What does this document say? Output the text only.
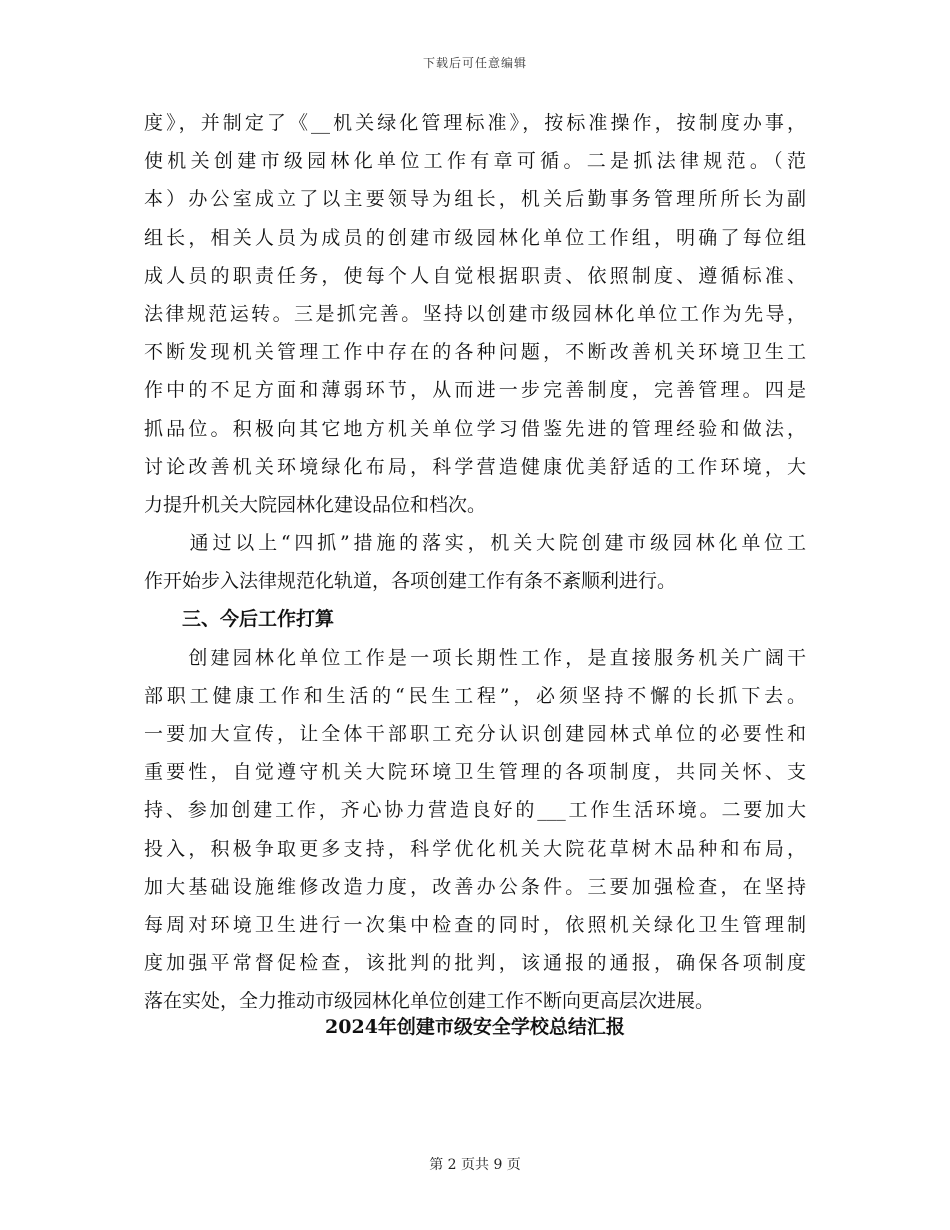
下载后可任意编辑
度》，并制定了《__机关绿化管理标准》，按标准操作，按制度办事，
使机关创建市级园林化单位工作有章可循。二是抓法律规范。（范
本）办公室成立了以主要领导为组长，机关后勤事务管理所所长为副
组长，相关人员为成员的创建市级园林化单位工作组，明确了每位组
成人员的职责任务，使每个人自觉根据职责、依照制度、遵循标准、
法律规范运转。三是抓完善。坚持以创建市级园林化单位工作为先导，
不断发现机关管理工作中存在的各种问题，不断改善机关环境卫生工
作中的不足方面和薄弱环节，从而进一步完善制度，完善管理。四是
抓品位。积极向其它地方机关单位学习借鉴先进的管理经验和做法，
讨论改善机关环境绿化布局，科学营造健康优美舒适的工作环境，大
力提升机关大院园林化建设品位和档次。
　　通过以上“四抓”措施的落实，机关大院创建市级园林化单位工
作开始步入法律规范化轨道，各项创建工作有条不紊顺利进行。
　　三、今后工作打算
　　创建园林化单位工作是一项长期性工作，是直接服务机关广阔干
部职工健康工作和生活的“民生工程”，必须坚持不懈的长抓下去。
一要加大宣传，让全体干部职工充分认识创建园林式单位的必要性和
重要性，自觉遵守机关大院环境卫生管理的各项制度，共同关怀、支
持、参加创建工作，齐心协力营造良好的___工作生活环境。二要加大
投入，积极争取更多支持，科学优化机关大院花草树木品种和布局，
加大基础设施维修改造力度，改善办公条件。三要加强检查，在坚持
每周对环境卫生进行一次集中检查的同时，依照机关绿化卫生管理制
度加强平常督促检查，该批判的批判，该通报的通报，确保各项制度
落在实处，全力推动市级园林化单位创建工作不断向更高层次进展。
2024年创建市级安全学校总结汇报
第 2 页共 9 页
